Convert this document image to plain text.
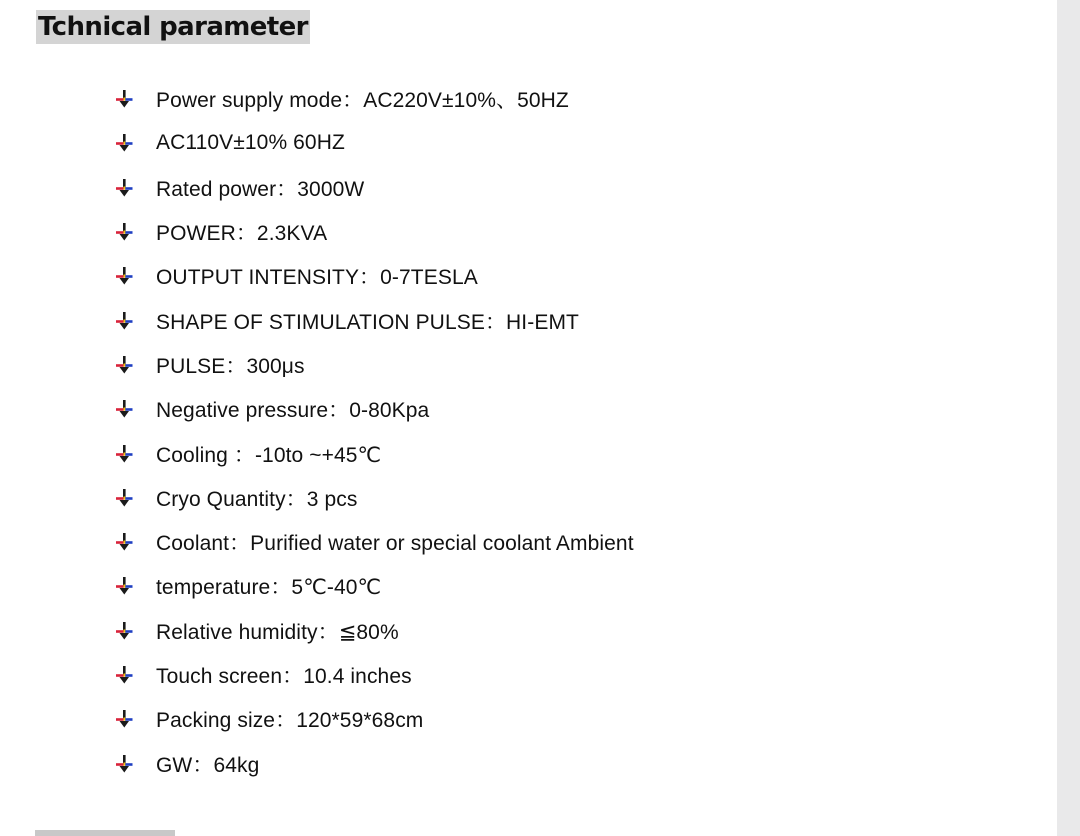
Tchnical parameter
Power supply mode：AC220V±10%、50HZ
AC110V±10% 60HZ
Rated power：3000W
POWER：2.3KVA
OUTPUT INTENSITY：0-7TESLA
SHAPE OF STIMULATION PULSE：HI-EMT
PULSE：300μs
Negative pressure：0-80Kpa
Cooling ：-10to ~+45℃
Cryo Quantity：3 pcs
Coolant：Purified water or special coolant Ambient
temperature：5℃-40℃
Relative humidity：≦80%
Touch screen：10.4 inches
Packing size：120*59*68cm
GW：64kg
